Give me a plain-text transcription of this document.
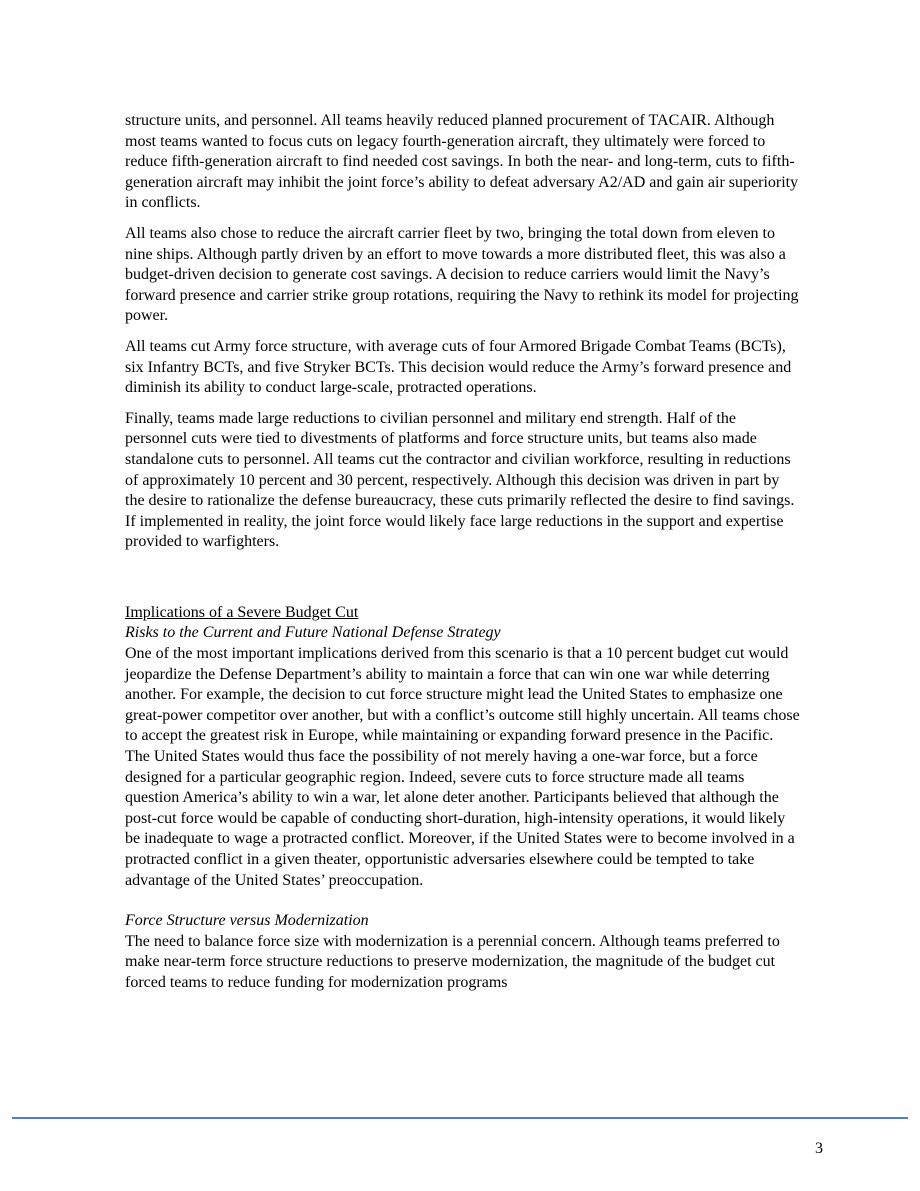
structure units, and personnel. All teams heavily reduced planned procurement of TACAIR. Although most teams wanted to focus cuts on legacy fourth-generation aircraft, they ultimately were forced to reduce fifth-generation aircraft to find needed cost savings. In both the near- and long-term, cuts to fifth-generation aircraft may inhibit the joint force’s ability to defeat adversary A2/AD and gain air superiority in conflicts.

All teams also chose to reduce the aircraft carrier fleet by two, bringing the total down from eleven to nine ships. Although partly driven by an effort to move towards a more distributed fleet, this was also a budget-driven decision to generate cost savings. A decision to reduce carriers would limit the Navy’s forward presence and carrier strike group rotations, requiring the Navy to rethink its model for projecting power.

All teams cut Army force structure, with average cuts of four Armored Brigade Combat Teams (BCTs), six Infantry BCTs, and five Stryker BCTs. This decision would reduce the Army’s forward presence and diminish its ability to conduct large-scale, protracted operations.

Finally, teams made large reductions to civilian personnel and military end strength. Half of the personnel cuts were tied to divestments of platforms and force structure units, but teams also made standalone cuts to personnel. All teams cut the contractor and civilian workforce, resulting in reductions of approximately 10 percent and 30 percent, respectively. Although this decision was driven in part by the desire to rationalize the defense bureaucracy, these cuts primarily reflected the desire to find savings. If implemented in reality, the joint force would likely face large reductions in the support and expertise provided to warfighters.

Implications of a Severe Budget Cut

Risks to the Current and Future National Defense Strategy

One of the most important implications derived from this scenario is that a 10 percent budget cut would jeopardize the Defense Department’s ability to maintain a force that can win one war while deterring another. For example, the decision to cut force structure might lead the United States to emphasize one great-power competitor over another, but with a conflict’s outcome still highly uncertain. All teams chose to accept the greatest risk in Europe, while maintaining or expanding forward presence in the Pacific. The United States would thus face the possibility of not merely having a one-war force, but a force designed for a particular geographic region. Indeed, severe cuts to force structure made all teams question America’s ability to win a war, let alone deter another. Participants believed that although the post-cut force would be capable of conducting short-duration, high-intensity operations, it would likely be inadequate to wage a protracted conflict. Moreover, if the United States were to become involved in a protracted conflict in a given theater, opportunistic adversaries elsewhere could be tempted to take advantage of the United States’ preoccupation.

Force Structure versus Modernization

The need to balance force size with modernization is a perennial concern. Although teams preferred to make near-term force structure reductions to preserve modernization, the magnitude of the budget cut forced teams to reduce funding for modernization programs

3
